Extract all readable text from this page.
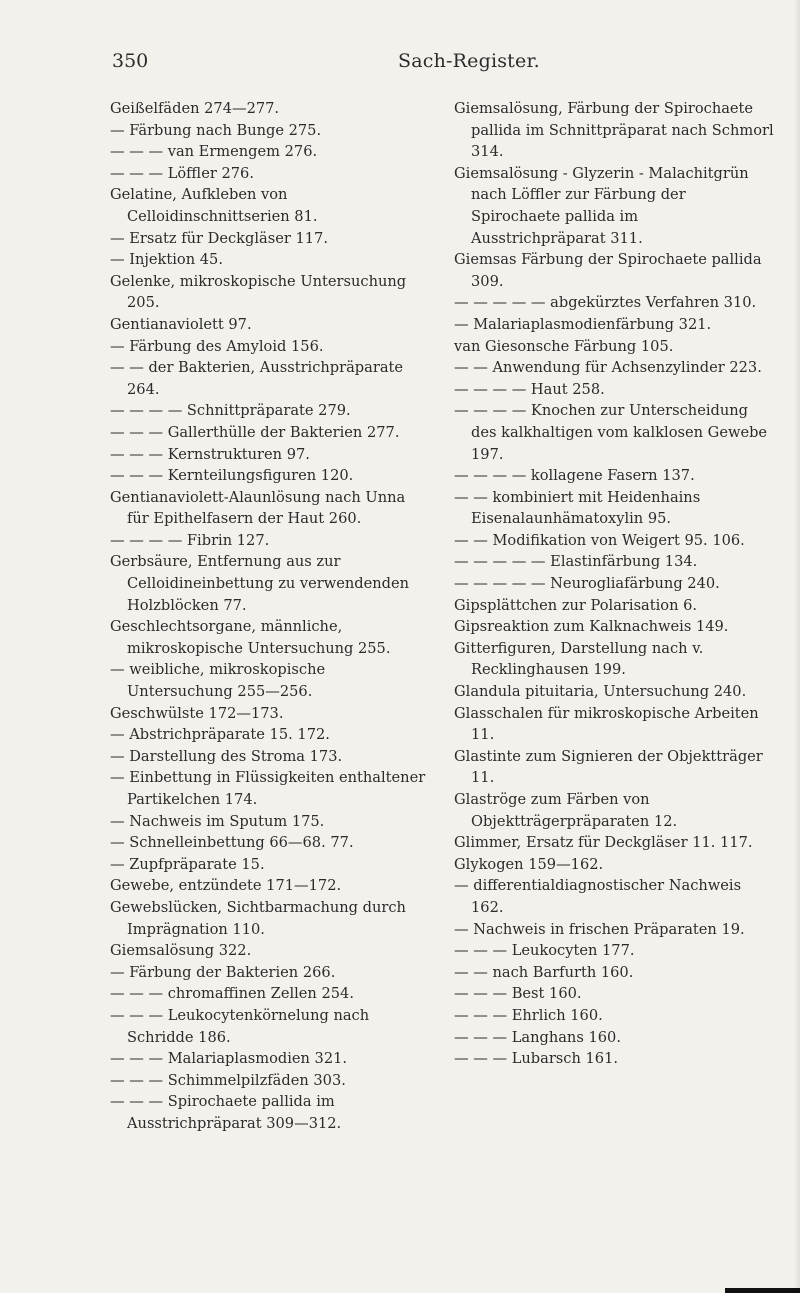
350	Sach-Register.
Geißelfäden 274—277.
— Färbung nach Bunge 275.
— — — van Ermengem 276.
— — — Löffler 276.
Gelatine, Aufkleben von Celloidinschnittserien 81.
— Ersatz für Deckgläser 117.
— Injektion 45.
Gelenke, mikroskopische Untersuchung 205.
Gentianaviolett 97.
— Färbung des Amyloid 156.
— — der Bakterien, Ausstrichpräparate 264.
— — — — Schnittpräparate 279.
— — — Gallerthülle der Bakterien 277.
— — — Kernstrukturen 97.
— — — Kernteilungsfiguren 120.
Gentianaviolett-Alaunlösung nach Unna für Epithelfasern der Haut 260.
— — — — Fibrin 127.
Gerbsäure, Entfernung aus zur Celloidineinbettung zu verwendenden Holzblöcken 77.
Geschlechtsorgane, männliche, mikroskopische Untersuchung 255.
— weibliche, mikroskopische Untersuchung 255—256.
Geschwülste 172—173.
— Abstrichpräparate 15. 172.
— Darstellung des Stroma 173.
— Einbettung in Flüssigkeiten enthaltener Partikelchen 174.
— Nachweis im Sputum 175.
— Schnelleinbettung 66—68. 77.
— Zupfpräparate 15.
Gewebe, entzündete 171—172.
Gewebslücken, Sichtbarmachung durch Imprägnation 110.
Giemsalösung 322.
— Färbung der Bakterien 266.
— — — chromaffinen Zellen 254.
— — — Leukocytenkörnelung nach Schridde 186.
— — — Malariaplasmodien 321.
— — — Schimmelpilzfäden 303.
— — — Spirochaete pallida im Ausstrichpräparat 309—312.
Giemsalösung, Färbung der Spirochaete pallida im Schnittpräparat nach Schmorl 314.
Giemsalösung - Glyzerin - Malachitgrün nach Löffler zur Färbung der Spirochaete pallida im Ausstrichpräparat 311.
Giemsas Färbung der Spirochaete pallida 309.
— — — — — abgekürztes Verfahren 310.
— Malariaplasmodienfärbung 321.
van Giesonsche Färbung 105.
— — Anwendung für Achsenzylinder 223.
— — — — Haut 258.
— — — — Knochen zur Unterscheidung des kalkhaltigen vom kalklosen Gewebe 197.
— — — — kollagene Fasern 137.
— — kombiniert mit Heidenhains Eisenalaunhämatoxylin 95.
— — Modifikation von Weigert 95. 106.
— — — — — Elastinfärbung 134.
— — — — — Neurogliafärbung 240.
Gipsplättchen zur Polarisation 6.
Gipsreaktion zum Kalknachweis 149.
Gitterfiguren, Darstellung nach v. Recklinghausen 199.
Glandula pituitaria, Untersuchung 240.
Glasschalen für mikroskopische Arbeiten 11.
Glastinte zum Signieren der Objektträger 11.
Glaströge zum Färben von Objektträgerpräparaten 12.
Glimmer, Ersatz für Deckgläser 11. 117.
Glykogen 159—162.
— differentialdiagnostischer Nachweis 162.
— Nachweis in frischen Präparaten 19.
— — — Leukocyten 177.
— — nach Barfurth 160.
— — — Best 160.
— — — Ehrlich 160.
— — — Langhans 160.
— — — Lubarsch 161.
